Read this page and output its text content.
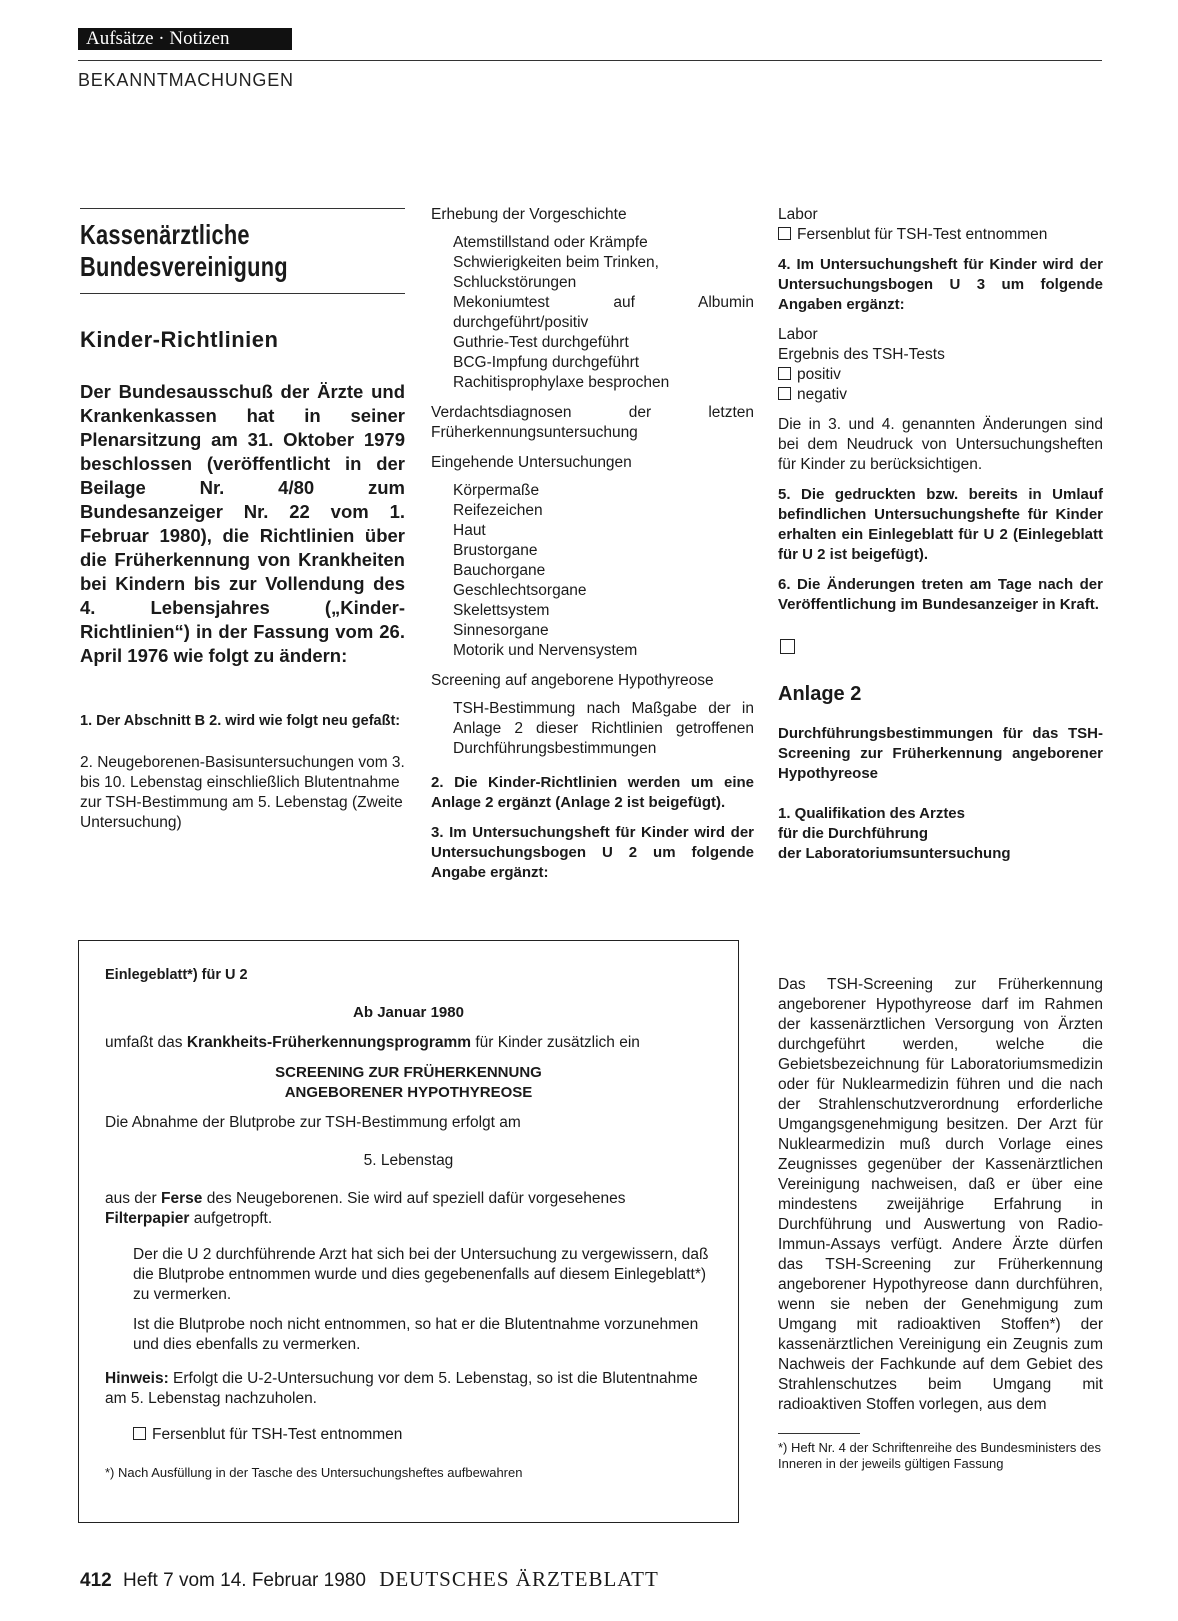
Aufsätze · Notizen
BEKANNTMACHUNGEN
Kassenärztliche
Bundesvereinigung
Kinder-Richtlinien
Der Bundesausschuß der Ärzte und Krankenkassen hat in seiner Plenarsitzung am 31. Oktober 1979 beschlossen (veröffentlicht in der Beilage Nr. 4/80 zum Bundesanzeiger Nr. 22 vom 1. Februar 1980), die Richtlinien über die Früherkennung von Krankheiten bei Kindern bis zur Vollendung des 4. Lebensjahres („Kinder-Richtlinien“) in der Fassung vom 26. April 1976 wie folgt zu ändern:
1. Der Abschnitt B 2. wird wie folgt neu gefaßt:
2. Neugeborenen-Basisuntersuchungen vom 3. bis 10. Lebenstag einschließlich Blutentnahme zur TSH-Bestimmung am 5. Lebenstag (Zweite Untersuchung)
Erhebung der Vorgeschichte
Atemstillstand oder Krämpfe
Schwierigkeiten beim Trinken, Schluckstörungen
Mekoniumtest auf Albumin durchgeführt/positiv
Guthrie-Test durchgeführt
BCG-Impfung durchgeführt
Rachitisprophylaxe besprochen
Verdachtsdiagnosen der letzten Früherkennungsuntersuchung
Eingehende Untersuchungen
Körpermaße
Reifezeichen
Haut
Brustorgane
Bauchorgane
Geschlechtsorgane
Skelettsystem
Sinnesorgane
Motorik und Nervensystem
Screening auf angeborene Hypothyreose
TSH-Bestimmung nach Maßgabe der in Anlage 2 dieser Richtlinien getroffenen Durchführungsbestimmungen
2. Die Kinder-Richtlinien werden um eine Anlage 2 ergänzt (Anlage 2 ist beigefügt).
3. Im Untersuchungsheft für Kinder wird der Untersuchungsbogen U 2 um folgende Angabe ergänzt:
Labor
Fersenblut für TSH-Test entnommen
4. Im Untersuchungsheft für Kinder wird der Untersuchungsbogen U 3 um folgende Angaben ergänzt:
Labor
Ergebnis des TSH-Tests
positiv
negativ
Die in 3. und 4. genannten Änderungen sind bei dem Neudruck von Untersuchungsheften für Kinder zu berücksichtigen.
5. Die gedruckten bzw. bereits in Umlauf befindlichen Untersuchungshefte für Kinder erhalten ein Einlegeblatt für U 2 (Einlegeblatt für U 2 ist beigefügt).
6. Die Änderungen treten am Tage nach der Veröffentlichung im Bundesanzeiger in Kraft.
Anlage 2
Durchführungsbestimmungen für das TSH-Screening zur Früherkennung angeborener Hypothyreose
1. Qualifikation des Arztes
für die Durchführung
der Laboratoriumsuntersuchung
Das TSH-Screening zur Früherkennung angeborener Hypothyreose darf im Rahmen der kassenärztlichen Versorgung von Ärzten durchgeführt werden, welche die Gebietsbezeichnung für Laboratoriumsmedizin oder für Nuklearmedizin führen und die nach der Strahlenschutzverordnung erforderliche Umgangsgenehmigung besitzen. Der Arzt für Nuklearmedizin muß durch Vorlage eines Zeugnisses gegenüber der Kassenärztlichen Vereinigung nachweisen, daß er über eine mindestens zweijährige Erfahrung in Durchführung und Auswertung von Radio-Immun-Assays verfügt. Andere Ärzte dürfen das TSH-Screening zur Früherkennung angeborener Hypothyreose dann durchführen, wenn sie neben der Genehmigung zum Umgang mit radioaktiven Stoffen*) der kassenärztlichen Vereinigung ein Zeugnis zum Nachweis der Fachkunde auf dem Gebiet des Strahlenschutzes beim Umgang mit radioaktiven Stoffen vorlegen, aus dem
*) Heft Nr. 4 der Schriftenreihe des Bundesministers des Inneren in der jeweils gültigen Fassung
Einlegeblatt*) für U 2
Ab Januar 1980
umfaßt das Krankheits-Früherkennungsprogramm für Kinder zusätzlich ein
SCREENING ZUR FRÜHERKENNUNG
ANGEBORENER HYPOTHYREOSE
Die Abnahme der Blutprobe zur TSH-Bestimmung erfolgt am
5. Lebenstag
aus der Ferse des Neugeborenen. Sie wird auf speziell dafür vorgesehenes Filterpapier aufgetropft.
Der die U 2 durchführende Arzt hat sich bei der Untersuchung zu vergewissern, daß die Blutprobe entnommen wurde und dies gegebenenfalls auf diesem Einlegeblatt*) zu vermerken.
Ist die Blutprobe noch nicht entnommen, so hat er die Blutentnahme vorzunehmen und dies ebenfalls zu vermerken.
Hinweis: Erfolgt die U-2-Untersuchung vor dem 5. Lebenstag, so ist die Blutentnahme am 5. Lebenstag nachzuholen.
Fersenblut für TSH-Test entnommen
*) Nach Ausfüllung in der Tasche des Untersuchungsheftes aufbewahren
412 Heft 7 vom 14. Februar 1980 DEUTSCHES ÄRZTEBLATT
